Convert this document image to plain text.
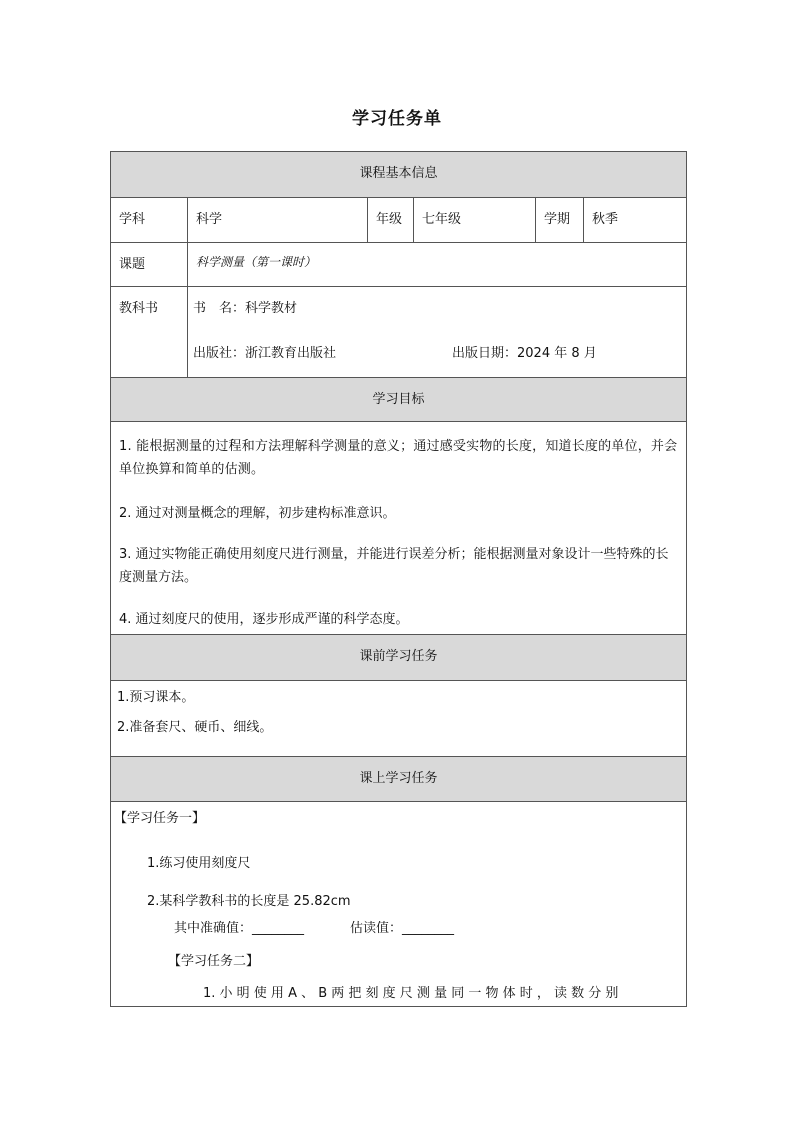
学习任务单
课程基本信息
学科	科学	年级 七年级	学期 秋季
课题	科学测量（第一课时）
教科书	书　名：科学教材
出版社：浙江教育出版社	出版日期：2024 年 8 月
学习目标
1. 能根据测量的过程和方法理解科学测量的意义；通过感受实物的长度，知道长度的单位，并会单位换算和简单的估测。
2. 通过对测量概念的理解，初步建构标准意识。
3. 通过实物能正确使用刻度尺进行测量，并能进行误差分析；能根据测量对象设计一些特殊的长度测量方法。
4. 通过刻度尺的使用，逐步形成严谨的科学态度。
课前学习任务
1.预习课本。
2.准备套尺、硬币、细线。
课上学习任务
【学习任务一】
1.练习使用刻度尺
2.某科学教科书的长度是 25.82cm
其中准确值：________	估读值：________
【学习任务二】
1. 小 明 使 用 A 、 B 两 把 刻 度 尺 测 量 同 一 物 体 时 ， 读 数 分 别
